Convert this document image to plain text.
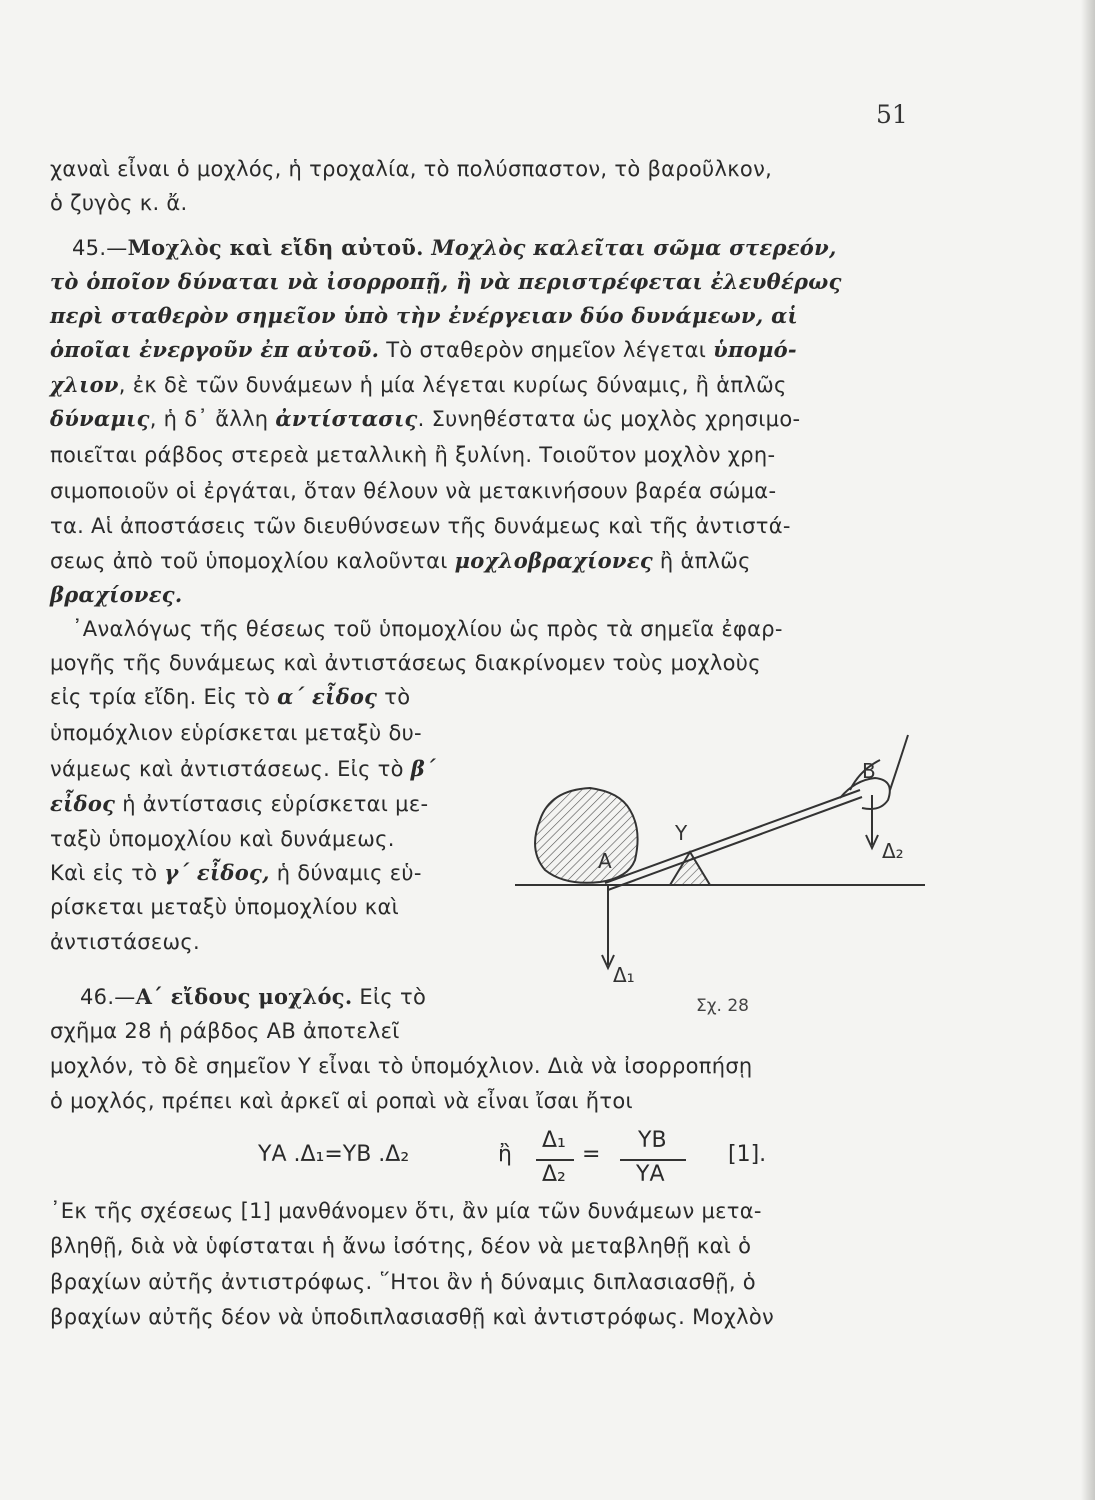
51
χαναὶ εἶναι ὁ μοχλός, ἡ τροχαλία, τὸ πολύσπαστον, τὸ βαροῦλκον,
ὁ ζυγὸς κ. ἄ.
45.—Μοχλὸς καὶ εἴδη αὐτοῦ. Μοχλὸς καλεῖται σῶμα στερεόν,
τὸ ὁποῖον δύναται νὰ ἰσορροπῇ, ἢ νὰ περιστρέφεται ἐλευθέρως
περὶ σταθερὸν σημεῖον ὑπὸ τὴν ἐνέργειαν δύο δυνάμεων, αἱ
ὁποῖαι ἐνεργοῦν ἐπ αὐτοῦ. Τὸ σταθερὸν σημεῖον λέγεται ὑπομό-
χλιον, ἐκ δὲ τῶν δυνάμεων ἡ μία λέγεται κυρίως δύναμις, ἢ ἁπλῶς
δύναμις, ἡ δ᾽ ἄλλη ἀντίστασις. Συνηθέστατα ὡς μοχλὸς χρησιμο-
ποιεῖται ράβδος στερεὰ μεταλλικὴ ἢ ξυλίνη. Τοιοῦτον μοχλὸν χρη-
σιμοποιοῦν οἱ ἐργάται, ὅταν θέλουν νὰ μετακινήσουν βαρέα σώμα-
τα. Αἱ ἀποστάσεις τῶν διευθύνσεων τῆς δυνάμεως καὶ τῆς ἀντιστά-
σεως ἀπὸ τοῦ ὑπομοχλίου καλοῦνται μοχλοβραχίονες ἢ ἁπλῶς
βραχίονες.
᾿Αναλόγως τῆς θέσεως τοῦ ὑπομοχλίου ὡς πρὸς τὰ σημεῖα ἐφαρ-
μογῆς τῆς δυνάμεως καὶ ἀντιστάσεως διακρίνομεν τοὺς μοχλοὺς
εἰς τρία εἴδη. Εἰς τὸ α΄ εἶδος τὸ
ὑπομόχλιον εὑρίσκεται μεταξὺ δυ-
νάμεως καὶ ἀντιστάσεως. Εἰς τὸ β΄
εἶδος ἡ ἀντίστασις εὑρίσκεται με-
ταξὺ ὑπομοχλίου καὶ δυνάμεως.
Καὶ εἰς τὸ γ΄ εἶδος, ἡ δύναμις εὑ-
ρίσκεται μεταξὺ ὑπομοχλίου καὶ
ἀντιστάσεως.
46.—Α΄ εἴδους μοχλός. Εἰς τὸ
σχῆμα 28 ἡ ράβδος ΑΒ ἀποτελεῖ
μοχλόν, τὸ δὲ σημεῖον Υ εἶναι τὸ ὑπομόχλιον. Διὰ νὰ ἰσορροπήσῃ
ὁ μοχλός, πρέπει καὶ ἀρκεῖ αἱ ροπαὶ νὰ εἶναι ἴσαι ἤτοι
ΥΑ .Δ₁=ΥΒ .Δ₂	ἢ
Δ₁
Δ₂
=
ΥΒ
ΥΑ
[1].
᾿Εκ τῆς σχέσεως [1] μανθάνομεν ὅτι, ἂν μία τῶν δυνάμεων μετα-
βληθῇ, διὰ νὰ ὑφίσταται ἡ ἄνω ἰσότης, δέον νὰ μεταβληθῇ καὶ ὁ
βραχίων αὐτῆς ἀντιστρόφως. ῞Ητοι ἂν ἡ δύναμις διπλασιασθῇ, ὁ
βραχίων αὐτῆς δέον νὰ ὑποδιπλασιασθῇ καὶ ἀντιστρόφως. Μοχλὸν
Α
Υ
Β
Δ₂
Δ₁
Σχ. 28
